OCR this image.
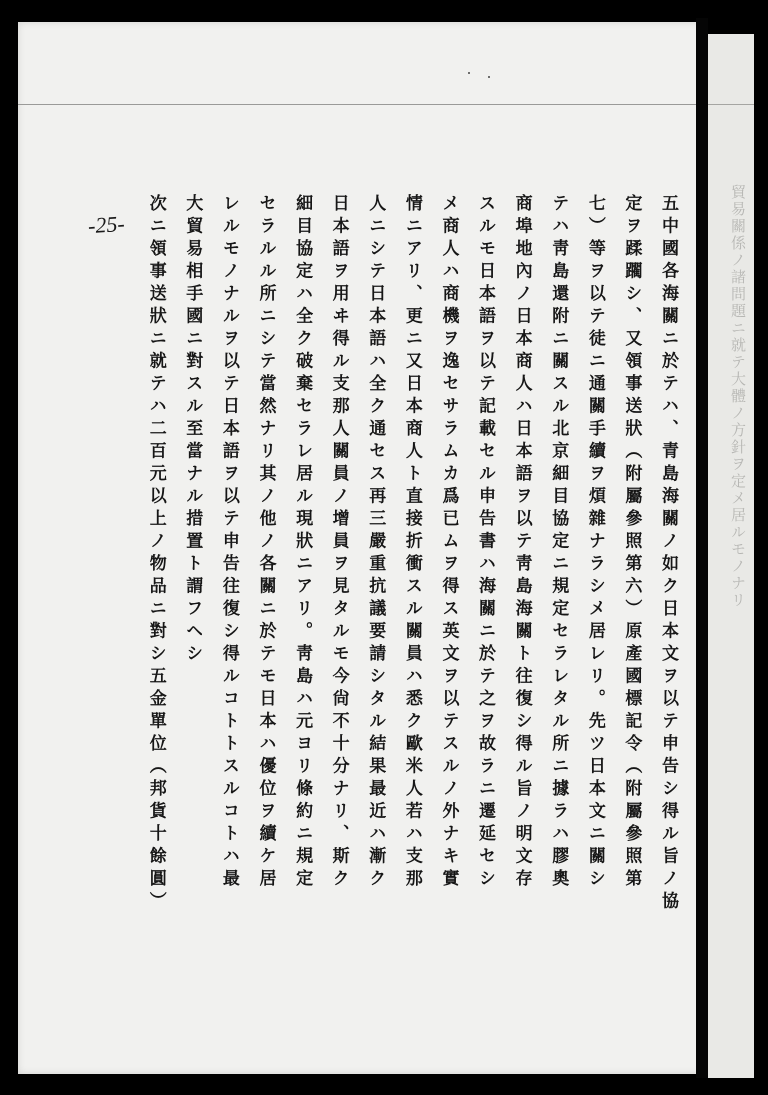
-25-	五中國各海關ニ於テハ、青島海關ノ如ク日本文ヲ以テ申告シ得ル旨ノ協
定ヲ蹂躙シ、又領事送狀（附屬參照第六）原產國標記令（附屬參照第
七）等ヲ以テ徒ニ通關手續ヲ煩雜ナラシメ居レリ。先ツ日本文ニ關シ
テハ靑島還附ニ關スル北京細目協定ニ規定セラレタル所ニ據ラハ膠奧
商埠地內ノ日本商人ハ日本語ヲ以テ靑島海關ト往復シ得ル旨ノ明文存
スルモ日本語ヲ以テ記載セル申告書ハ海關ニ於テ之ヲ故ラニ遷延セシ
メ商人ハ商機ヲ逸セサラムカ爲已ムヲ得ス英文ヲ以テスルノ外ナキ實
情ニアリ、更ニ又日本商人ト直接折衝スル關員ハ悉ク歐米人若ハ支那
人ニシテ日本語ハ全ク通セス再三嚴重抗議要請シタル結果最近ハ漸ク
日本語ヲ用ヰ得ル支那人關員ノ增員ヲ見タルモ今尙不十分ナリ、斯ク
細目協定ハ全ク破棄セラレ居ル現狀ニアリ。靑島ハ元ヨリ條約ニ規定
セラルル所ニシテ當然ナリ其ノ他ノ各關ニ於テモ日本ハ優位ヲ續ケ居
レルモノナルヲ以テ日本語ヲ以テ申告往復シ得ルコトトスルコトハ最
大貿易相手國ニ對スル至當ナル措置ト謂フヘシ
次ニ領事送狀ニ就テハ二百元以上ノ物品ニ對シ五金單位（邦貨十餘圓）	貿易關係ノ諸問題ニ就テ大體ノ方針ヲ定メ居ルモノナリ
